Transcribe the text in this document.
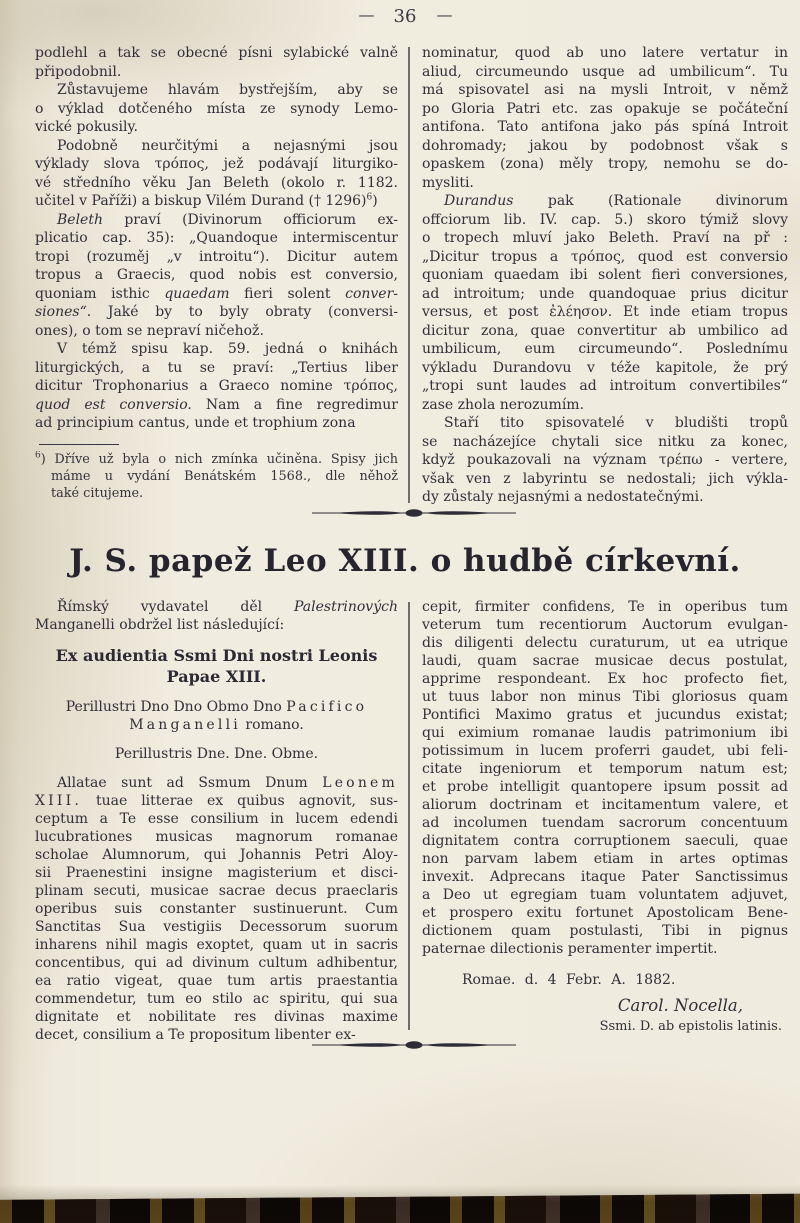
— 36 —
podlehl a tak se obecné písni sylabické valně
připodobnil.
Zůstavujeme hlavám bystřejším, aby se
o výklad dotčeného místa ze synody Lemo-
vické pokusily.
Podobně neurčitými a nejasnými jsou
výklady slova τρόπος, jež podávají liturgiko-
vé středního věku Jan Beleth (okolo r. 1182.
učitel v Paříži) a biskup Vilém Durand († 1296)$^6$)
Beleth praví (Divinorum officiorum ex-
plicatio cap. 35): „Quandoque intermiscentur
tropi (rozuměj „v introitu“). Dicitur autem
tropus a Graecis, quod nobis est conversio,
quoniam isthic quaedam fieri solent conver-
siones“. Jaké by to byly obraty (conversi-
ones), o tom se nepraví ničehož.
V témž spisu kap. 59. jedná o knihách
liturgických, a tu se praví: „Tertius liber
dicitur Trophonarius a Graeco nomine τρόπος,
quod est conversio. Nam a fine regredimur
ad principium cantus, unde et trophium zona
$^6$) Dříve už byla o nich zmínka učiněna. Spisy jich
máme u vydání Benátském 1568., dle něhož
také citujeme.
nominatur, quod ab uno latere vertatur in
aliud, circumeundo usque ad umbilicum“. Tu
má spisovatel asi na mysli Introit, v němž
po Gloria Patri etc. zas opakuje se počáteční
antifona. Tato antifona jako pás spíná Introit
dohromady; jakou by podobnost však s
opaskem (zona) měly tropy, nemohu se do-
mysliti.
Durandus pak (Rationale divinorum
offciorum lib. IV. cap. 5.) skoro týmiž slovy
o tropech mluví jako Beleth. Praví na př :
„Dicitur tropus a τρόπος, quod est conversio
quoniam quaedam ibi solent fieri conversiones,
ad introitum; unde quandoquae prius dicitur
versus, et post ἐλέησον. Et inde etiam tropus
dicitur zona, quae convertitur ab umbilico ad
umbilicum, eum circumeundo“. Poslednímu
výkladu Durandovu v téže kapitole, že prý
„tropi sunt laudes ad introitum convertibiles“
zase zhola nerozumím.
Staří tito spisovatelé v bludišti tropů
se nacházejíce chytali sice nitku za konec,
když poukazovali na význam τρέπω - vertere,
však ven z labyrintu se nedostali; jich výkla-
dy zůstaly nejasnými a nedostatečnými.
J. S. papež Leo XIII. o hudbě církevní.
Římský vydavatel děl Palestrinových
Manganelli obdržel list následující:
Ex audientia Ssmi Dni nostri Leonis
Papae XIII.
Perillustri Dno Dno Obmo Dno Pacifico
Manganelli romano.
Perillustris Dne. Dne. Obme.
Allatae sunt ad Ssmum Dnum Leonem
XIII. tuae litterae ex quibus agnovit, sus-
ceptum a Te esse consilium in lucem edendi
lucubrationes musicas magnorum romanae
scholae Alumnorum, qui Johannis Petri Aloy-
sii Praenestini insigne magisterium et disci-
plinam secuti, musicae sacrae decus praeclaris
operibus suis constanter sustinuerunt. Cum
Sanctitas Sua vestigiis Decessorum suorum
inharens nihil magis exoptet, quam ut in sacris
concentibus, qui ad divinum cultum adhibentur,
ea ratio vigeat, quae tum artis praestantia
commendetur, tum eo stilo ac spiritu, qui sua
dignitate et nobilitate res divinas maxime
decet, consilium a Te propositum libenter ex-
cepit, firmiter confidens, Te in operibus tum
veterum tum recentiorum Auctorum evulgan-
dis diligenti delectu curaturum, ut ea utrique
laudi, quam sacrae musicae decus postulat,
apprime respondeant. Ex hoc profecto fiet,
ut tuus labor non minus Tibi gloriosus quam
Pontifici Maximo gratus et jucundus existat;
qui eximium romanae laudis patrimonium ibi
potissimum in lucem proferri gaudet, ubi feli-
citate ingeniorum et temporum natum est;
et probe intelligit quantopere ipsum possit ad
aliorum doctrinam et incitamentum valere, et
ad incolumen tuendam sacrorum concentuum
dignitatem contra corruptionem saeculi, quae
non parvam labem etiam in artes optimas
invexit. Adprecans itaque Pater Sanctissimus
a Deo ut egregiam tuam voluntatem adjuvet,
et prospero exitu fortunet Apostolicam Bene-
dictionem quam postulasti, Tibi in pignus
paternae dilectionis peramenter impertit.
Romae. d. 4 Febr. A. 1882.
Carol. Nocella,
Ssmi. D. ab epistolis latinis.
